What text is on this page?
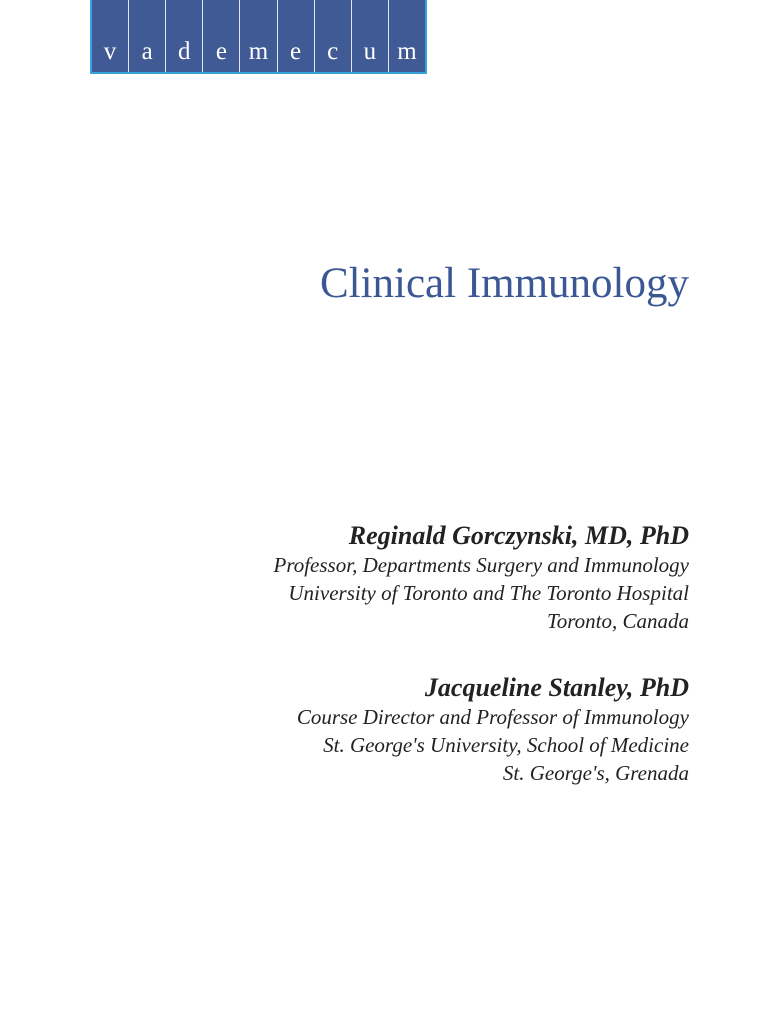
v	a	d	e m e	c	u m
Clinical Immunology
Reginald Gorczynski, MD, PhD
Professor, Departments Surgery and Immunology
University of Toronto and The Toronto Hospital
Toronto, Canada
Jacqueline Stanley, PhD
Course Director and Professor of Immunology
St. George's University, School of Medicine
St. George's, Grenada
